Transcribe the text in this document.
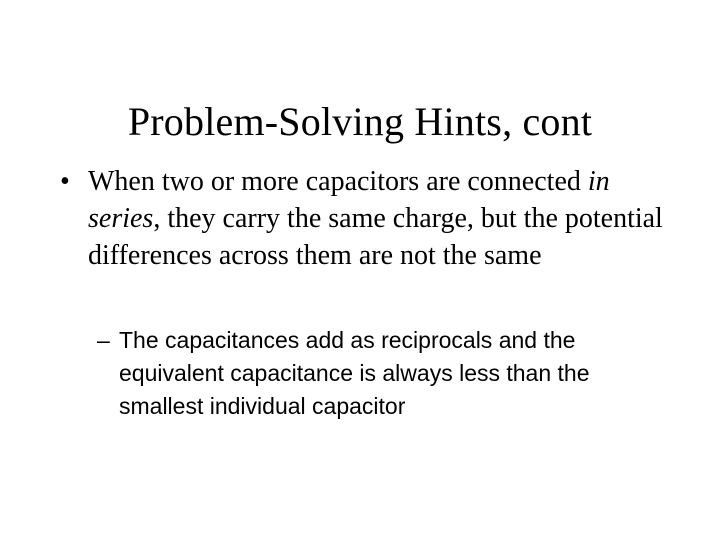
Problem-Solving Hints, cont
• When two or more capacitors are connected in series, they carry the same charge, but the potential differences across them are not the same
– The capacitances add as reciprocals and the equivalent capacitance is always less than the smallest individual capacitor
